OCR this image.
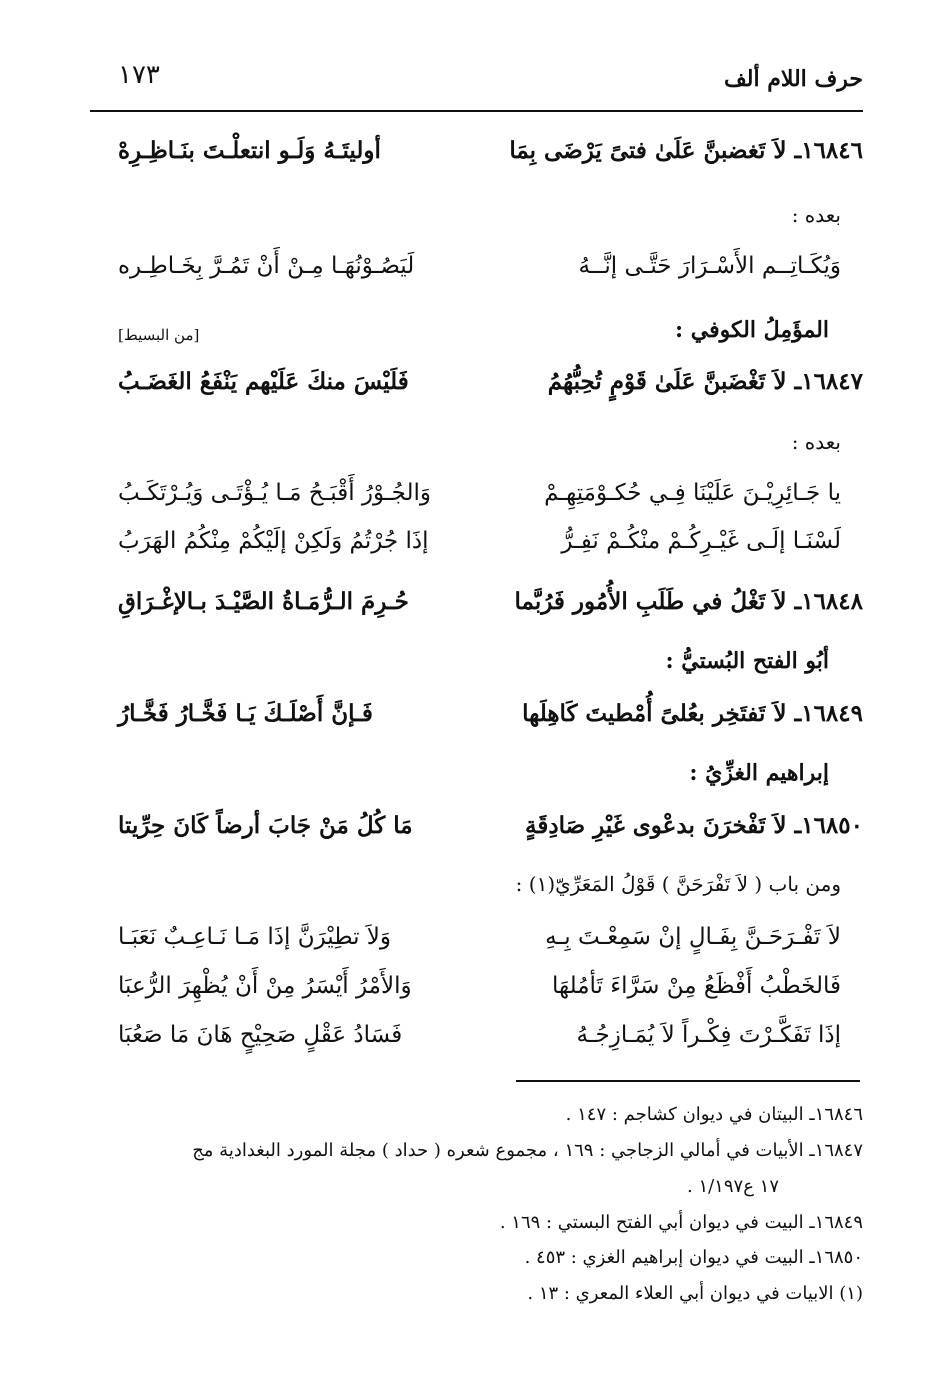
حرف اللام ألف
١٧٣
١٦٨٤٦ـ لاَ تَغضبنَّ عَلَىٰ فتىً يَرْضَى بِمَا
أوليتَـهُ وَلَـو انتعلْـتَ بنَـاظِـرِهْ
بعده :
وَيُكَـاتِــم الأَسْـرَارَ حَتَّـى إنَّــهُ
لَيَصُـوْنُهَـا مِـنْ أَنْ تَمُـرَّ بِخَـاطِـره
المؤَمِلُ الكوفي :
[من البسيط]
١٦٨٤٧ـ لاَ تَغْضَبنَّ عَلَىٰ قَوْمٍ تُحِبُّهُمُ
فَلَيْسَ منكَ عَلَيْهم يَنْفَعُ الغَضَـبُ
بعده :
يا جَـائِرِيْـنَ عَلَيْنَا فِـي حُكـوْمَتِهِـمْ
وَالجُـوْرُ أَقْبَـحُ مَـا يُـؤْتَـى وَيُـرْتَكَـبُ
لَسْنَـا إلَـى غَيْـرِكُـمْ منْكُـمْ نَفِـرُّ
إذَا جُرْتُمُ وَلَكِنْ إلَيْكُمْ مِنْكُمُ الهَرَبُ
١٦٨٤٨ـ لاَ تَغْلُ في طَلَبِ الأُمُور فَرُبَّما
حُـرِمَ الـرُّمَـاةُ الصَّيْـدَ بـالإغْـرَاقِ
أبُو الفتح البُستيُّ :
١٦٨٤٩ـ لاَ تَفتَخِر بعُلىً أُمْطيتَ كَاهِلَها
فَـإنَّ أَصْلَـكَ يَـا فَخَّـارُ فَخَّـارُ
إبراهيم الغزِّيُ :
١٦٨٥٠ـ لاَ تَفْخرَنَ بدعْوى غَيْرِ صَادِقَةٍ
مَا كُلُ مَنْ جَابَ أرضاً كَانَ حِرِّيتا
ومن باب ( لاَ تَفْرَحَنَّ ) قَوْلُ المَعَرِّيّ(١) :
لاَ تَفْـرَحَـنَّ بِفَـالٍ إنْ سَمِعْـتَ بِـهِ
وَلاَ تطِيْرَنَّ إذَا مَـا نَـاعِـبٌ نَعَبَـا
فَالخَطْبُ أَفْظَعُ مِنْ سَرَّاءَ تَأمُلهَا
وَالأَمْرُ أَيْسَرُ مِنْ أَنْ يُظْهِرَ الرُّعبَا
إذَا تَفَكَّـرْتَ فِكْـراً لاَ يُمَـازِجُـهُ
فَسَادُ عَقْلٍ صَحِيْحٍ هَانَ مَا صَعُبَا
١٦٨٤٦ـ البيتان في ديوان كشاجم : ١٤٧ .
١٦٨٤٧ـ الأبيات في أمالي الزجاجي : ١٦٩ ، مجموع شعره ( حداد ) مجلة المورد البغدادية مج
١٧ ع١/١٩٧ .
١٦٨٤٩ـ البيت في ديوان أبي الفتح البستي : ١٦٩ .
١٦٨٥٠ـ البيت في ديوان إبراهيم الغزي : ٤٥٣ .
(١) الابيات في ديوان أبي العلاء المعري : ١٣ .
